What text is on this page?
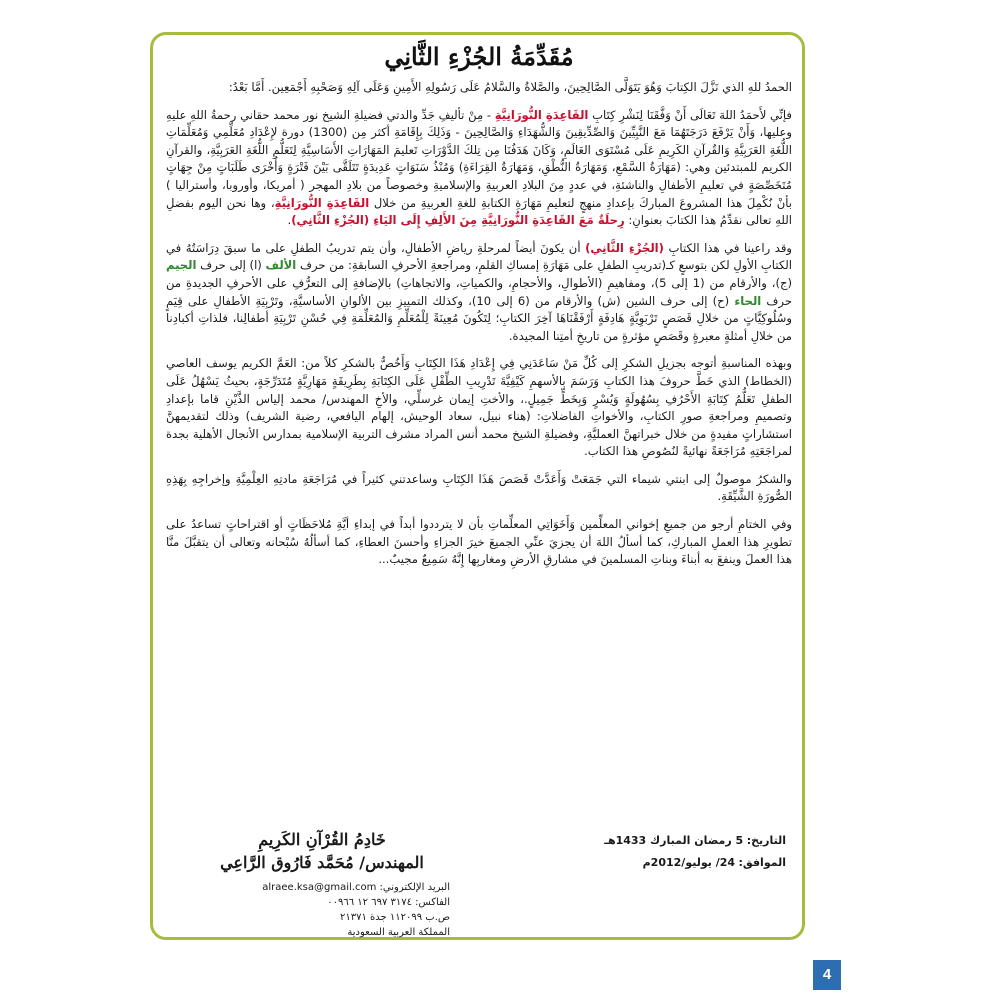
مُقَدِّمَةُ الجُزْءِ الثَّانِي

الحمدُ للهِ الذي نَزَّلَ الكِتابَ وَهُوَ يَتَوَلَّى الصَّالِحِينَ، والصَّلاةُ والسَّلامُ عَلَى رَسُولِهِ الأَمِينِ وَعَلَى آلِهِ وَصَحْبِهِ أَجْمَعِين. أَمَّا بَعْدُ:

فإنِّي لأَحمَدُ اللهَ تَعَالَى أَنْ وَفَّقَنَا لِنَشْرِ كِتَابِ القَاعِدَةِ النُّورَانِيَّةِ - مِنْ تأليفِ جَدِّ والدتي فضيلةِ الشيخ نور محمد حقاني رحمةُ اللهِ عليهِ وعليها، وَأَنْ يَرْفَعَ دَرَجَتَهُمَا مَعَ النَّبِيِّينَ وَالصِّدِّيقِينَ وَالشُّهَدَاءِ وَالصَّالِحِينَ - وَذَلِكَ بِإِقَامَةِ أكثر مِن (1300) دورة لإِعْدَادِ مُعَلِّمِي وَمُعَلِّمَاتِ اللُّغَةِ العَرَبِيَّةِ وَالقُرآنِ الكَرِيمِ عَلَى مُسْتَوَى العَالَمِ، وَكَانَ هَدَفُنَا مِن تِلكَ الدَّوْرَاتِ تَعليمَ المَهَارَاتِ الأَسَاسِيَّةِ لِتَعَلُّمِ اللُّغَةِ العَرَبِيَّةِ، والقرآنِ الكريم للمبتدئين وهي: (مَهَارَةُ السَّمْعِ، وَمَهَارَةُ النُّطْقِ، وَمَهَارَةُ القِرَاءَةِ) وَمُنْذُ سَنَوَاتٍ عَدِيدَةٍ تَتَلَقَّى بَيْنَ فَتْرَةٍ وَأُخْرَى طَلَبَاتٍ مِنْ جِهَاتٍ مُتَخَصِّصَةٍ في تعليمِ الأطفالِ والناشئةِ، في عددٍ مِنَ البلادِ العربيةِ والإسلاميةِ وخصوصاً من بلادِ المهجر ( أمريكا، وأوروبا، وأستراليا ) بأنْ نُكْمِلَ هذا المشروعَ المباركَ بإعدادِ منهجٍ لتعليمِ مَهَارَةِ الكتابةِ للغةِ العربيةِ من خلال القَاعِدَةِ النُّورَانِيَّةِ، وها نحن اليوم بفضلِ اللهِ تعالى نقدِّمُ هذا الكتابَ بعنوانِ: رِحلَةٌ مَعَ القَاعِدَةِ النُّورَانِيَّةِ مِنَ الأَلِفِ إِلَى اليَاءِ (الجُزْءِ الثَّانِي).

وقد راعينا في هذا الكتابِ (الجُزْءِ الثَّانِي) أن يكونَ أيضاً لمرحلةِ رياضِ الأطفالِ، وأن يتم تدريبُ الطفلِ على ما سبقَ دِرَاسَتُهُ في الكتابِ الأولِ لكن بتوسعٍ كـ(تدريبِ الطفلِ على مَهَارَةِ إمساكِ القلمِ، ومراجعةِ الأحرفِ السابقةِ: من حرف الألف (ا) إلى حرف الجيم (ج)، والأرقام من (1 إلى 5)، ومفاهيمِ (الأطوالِ، والأحجامِ، والكمياتِ، والاتجاهاتِ) بالإضافةِ إلى التعرُّفِ على الأحرفِ الجديدةِ من حرف الحاء (ح) إلى حرف الشين (ش) والأرقام من (6 إلى 10)، وكذلك التمييزِ بين الألوانِ الأساسيَّةِ، وتَرْبِيَةِ الأطفالِ على قِيَمٍ وسُلُوكِيَّاتٍ من خلالِ قَصَصٍ تَرْبَوِيَّةٍ هَادِفَةٍ أَرْفَقْنَاهَا آخِرَ الكتابِ؛ لِتَكُونَ مُعِينَةً لِلْمُعَلِّمِ وَالمُعَلِّمَةِ فِي حُسْنِ تَرْبِيَةِ أطفالِنا، فلذاتِ أكبادِنا من خلالِ أمثلةٍ معبرةٍ وقَصَصٍ مؤثرةٍ من تاريخِ أمتِنا المجيدة.

وبهذه المناسبةِ أتوجه بجزيلِ الشكرِ إلى كُلِّ مَنْ سَاعَدَنِي فِي إِعْدَادِ هَذَا الكِتَابِ وَأَخُصُّ بالشكرِ كلاً من: العَمَّ الكريم يوسف العاصي (الخطاط) الذي خَطَّ حروفَ هذا الكتابِ وَرَسَمَ بالأسهمِ كَيْفِيَّةَ تَدْرِيبِ الطِّفْلِ عَلَى الكِتَابَةِ بِطَرِيقَةٍ مَهَارِيَّةٍ مُتَدَرِّجَةٍ، بحيثُ يَسْهُلُ عَلَى الطفلِ تَعَلُّمُ كِتَابَةِ الأَحْرُفِ بِسُهُولَةٍ وَيُسْرٍ وَبِخَطٍّ جَمِيلٍ.، والأختِ إيمان غرسلِّي، والأخِ المهندس/ محمد إلياس الذَّيْنِ قاما بإعدادِ وتصميمِ ومراجعةِ صورِ الكتابِ، والأخواتِ الفاضلاتِ: (هناء نبيل، سعاد الوحيش، إلهام اليافعي، رضية الشريف) وذلك لتقديمهنَّ استشاراتٍ مفيدةٍ من خلال خبراتهنَّ العمليَّةِ، وفضيلةِ الشيخ محمد أنس المراد مشرف التربية الإسلامية بمدارس الأنجال الأهلية بجدة لمراجَعَتِهِ مُرَاجَعَةً نهائيةً لنُصُوصِ هذا الكتاب.

والشكرُ موصولٌ إلى ابنتي شيماء التي جَمَعَتْ وَأَعَدَّتْ قَصَصَ هَذَا الكِتَابِ وساعدتني كثيراً في مُرَاجَعَةِ مادتِهِ العِلْمِيَّةِ وإخراجِهِ بِهَذِهِ الصُّورَةِ الشَّيِّقَةِ.

وفي الختامِ أرجو من جميعِ إخواني المعلِّمين وَأَخَوَاتِي المعلِّماتِ بأن لا يترددوا أبداً في إبداءِ أيَّةِ مُلاحَظَاتٍ أو اقتراحاتٍ تساعدُ على تطويرِ هذا العملِ المباركِ، كما أسألُ اللهَ أن يجزيَ عنِّي الجميعَ خيرَ الجزاءِ وأحسنَ العطاءِ، كما أسألُهُ سُبْحانه وتعالى أن يتقبَّلَ منَّا هذا العملَ وينفعَ به أبناءَ وبناتِ المسلمينَ في مشارقِ الأرضِ ومغاربِها إِنَّهُ سَمِيعٌ مجيبٌ...

التاريخ: 5 رمضان المبارك 1433هـ
الموافق: 24/ يوليو/2012م
خَادِمُ القُرْآنِ الكَرِيمِ
المهندس/ مُحَمَّد فَارُوق الرَّاعِي
البريد الإلكتروني: alraee.ksa@gmail.com
الفاكس: ٣١٧٤ ٦٩٧ ١٢ ٠٠٩٦٦
ص.ب ١١٢٠٩٩ جدة ٢١٣٧١
المملكة العربية السعودية
4
